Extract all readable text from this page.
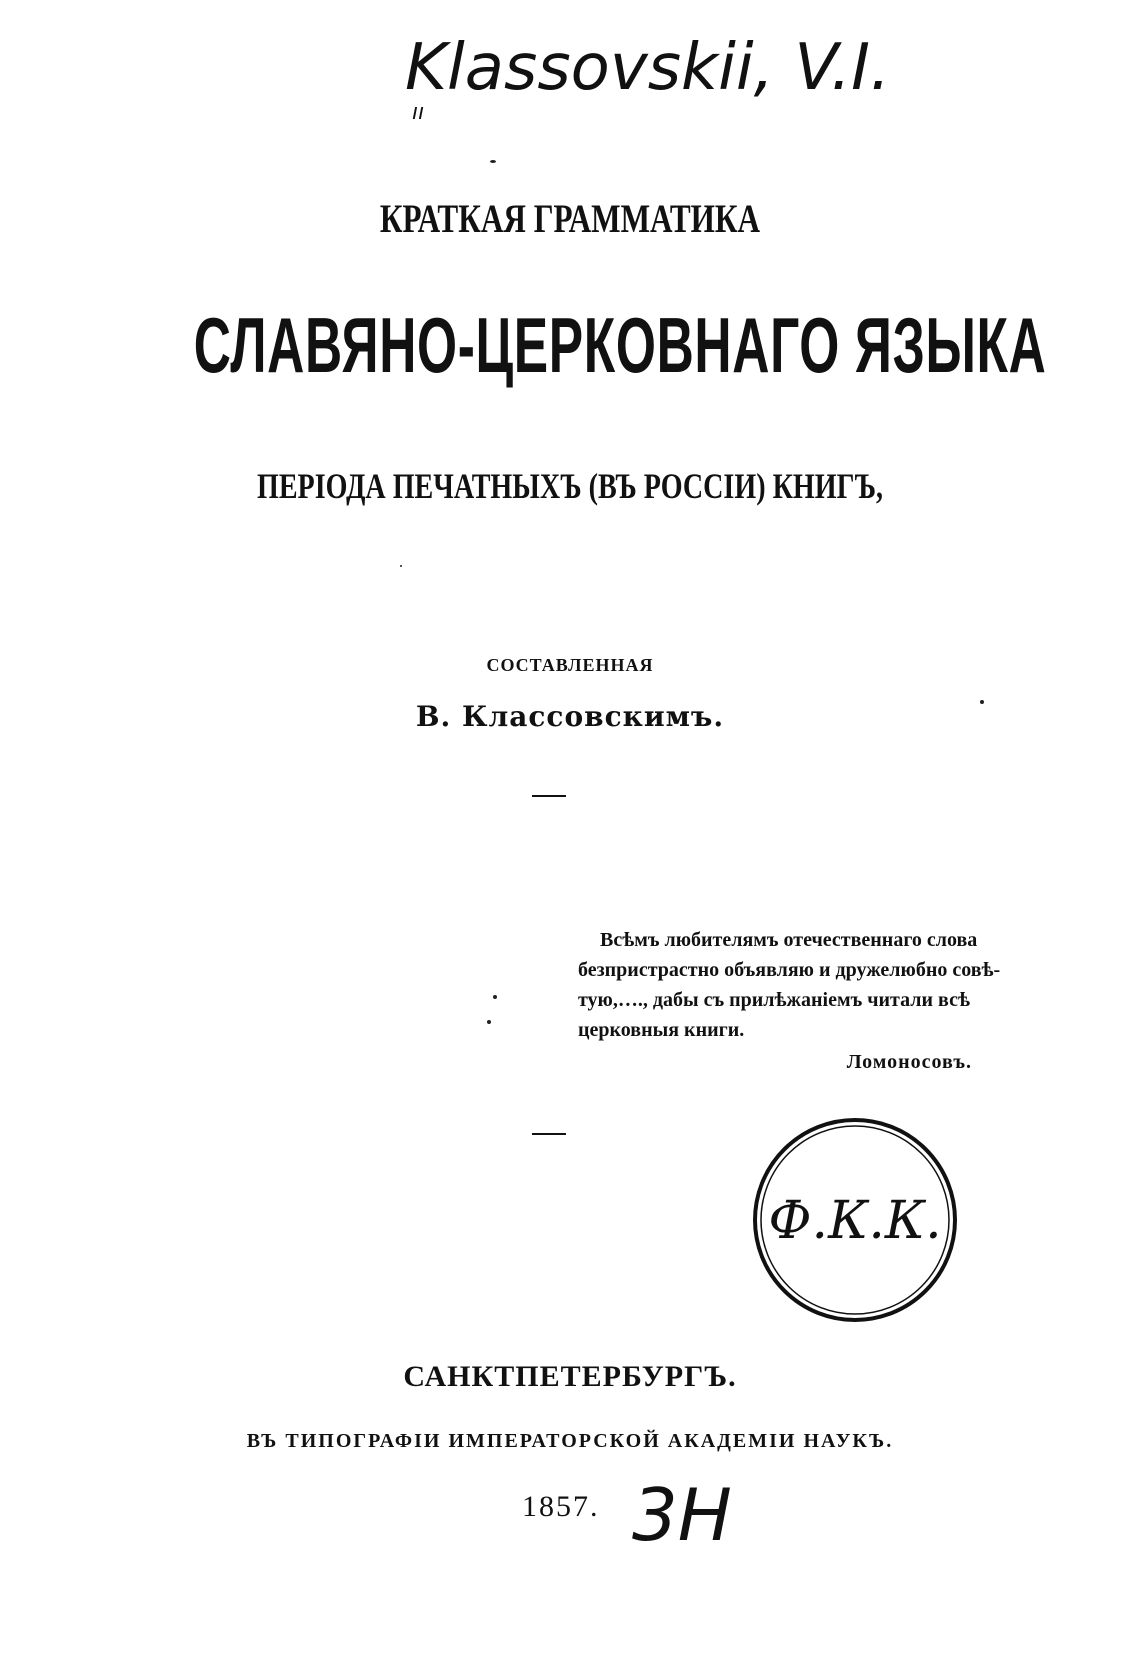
Klassovskii, V.I.
ıı
КРАТКАЯ ГРАММАТИКА
СЛАВЯНО-ЦЕРКОВНАГО ЯЗЫКА
ПЕРІОДА ПЕЧАТНЫХЪ (ВЪ РОССІИ) КНИГЪ,
СОСТАВЛЕННАЯ
В. Классовскимъ.

Всѣмъ любителямъ отечественнаго слова

безпристрастно объявляю и дружелюбно совѣ-

тую,…., дабы съ прилѣжаніемъ читали всѣ

церковныя книги.

Ломоносовъ.

Ф.К.К.
САНКТПЕТЕРБУРГЪ.
ВЪ ТИПОГРАФІИ ИМПЕРАТОРСКОЙ АКАДЕМІИ НАУКЪ.
1857. 3H
